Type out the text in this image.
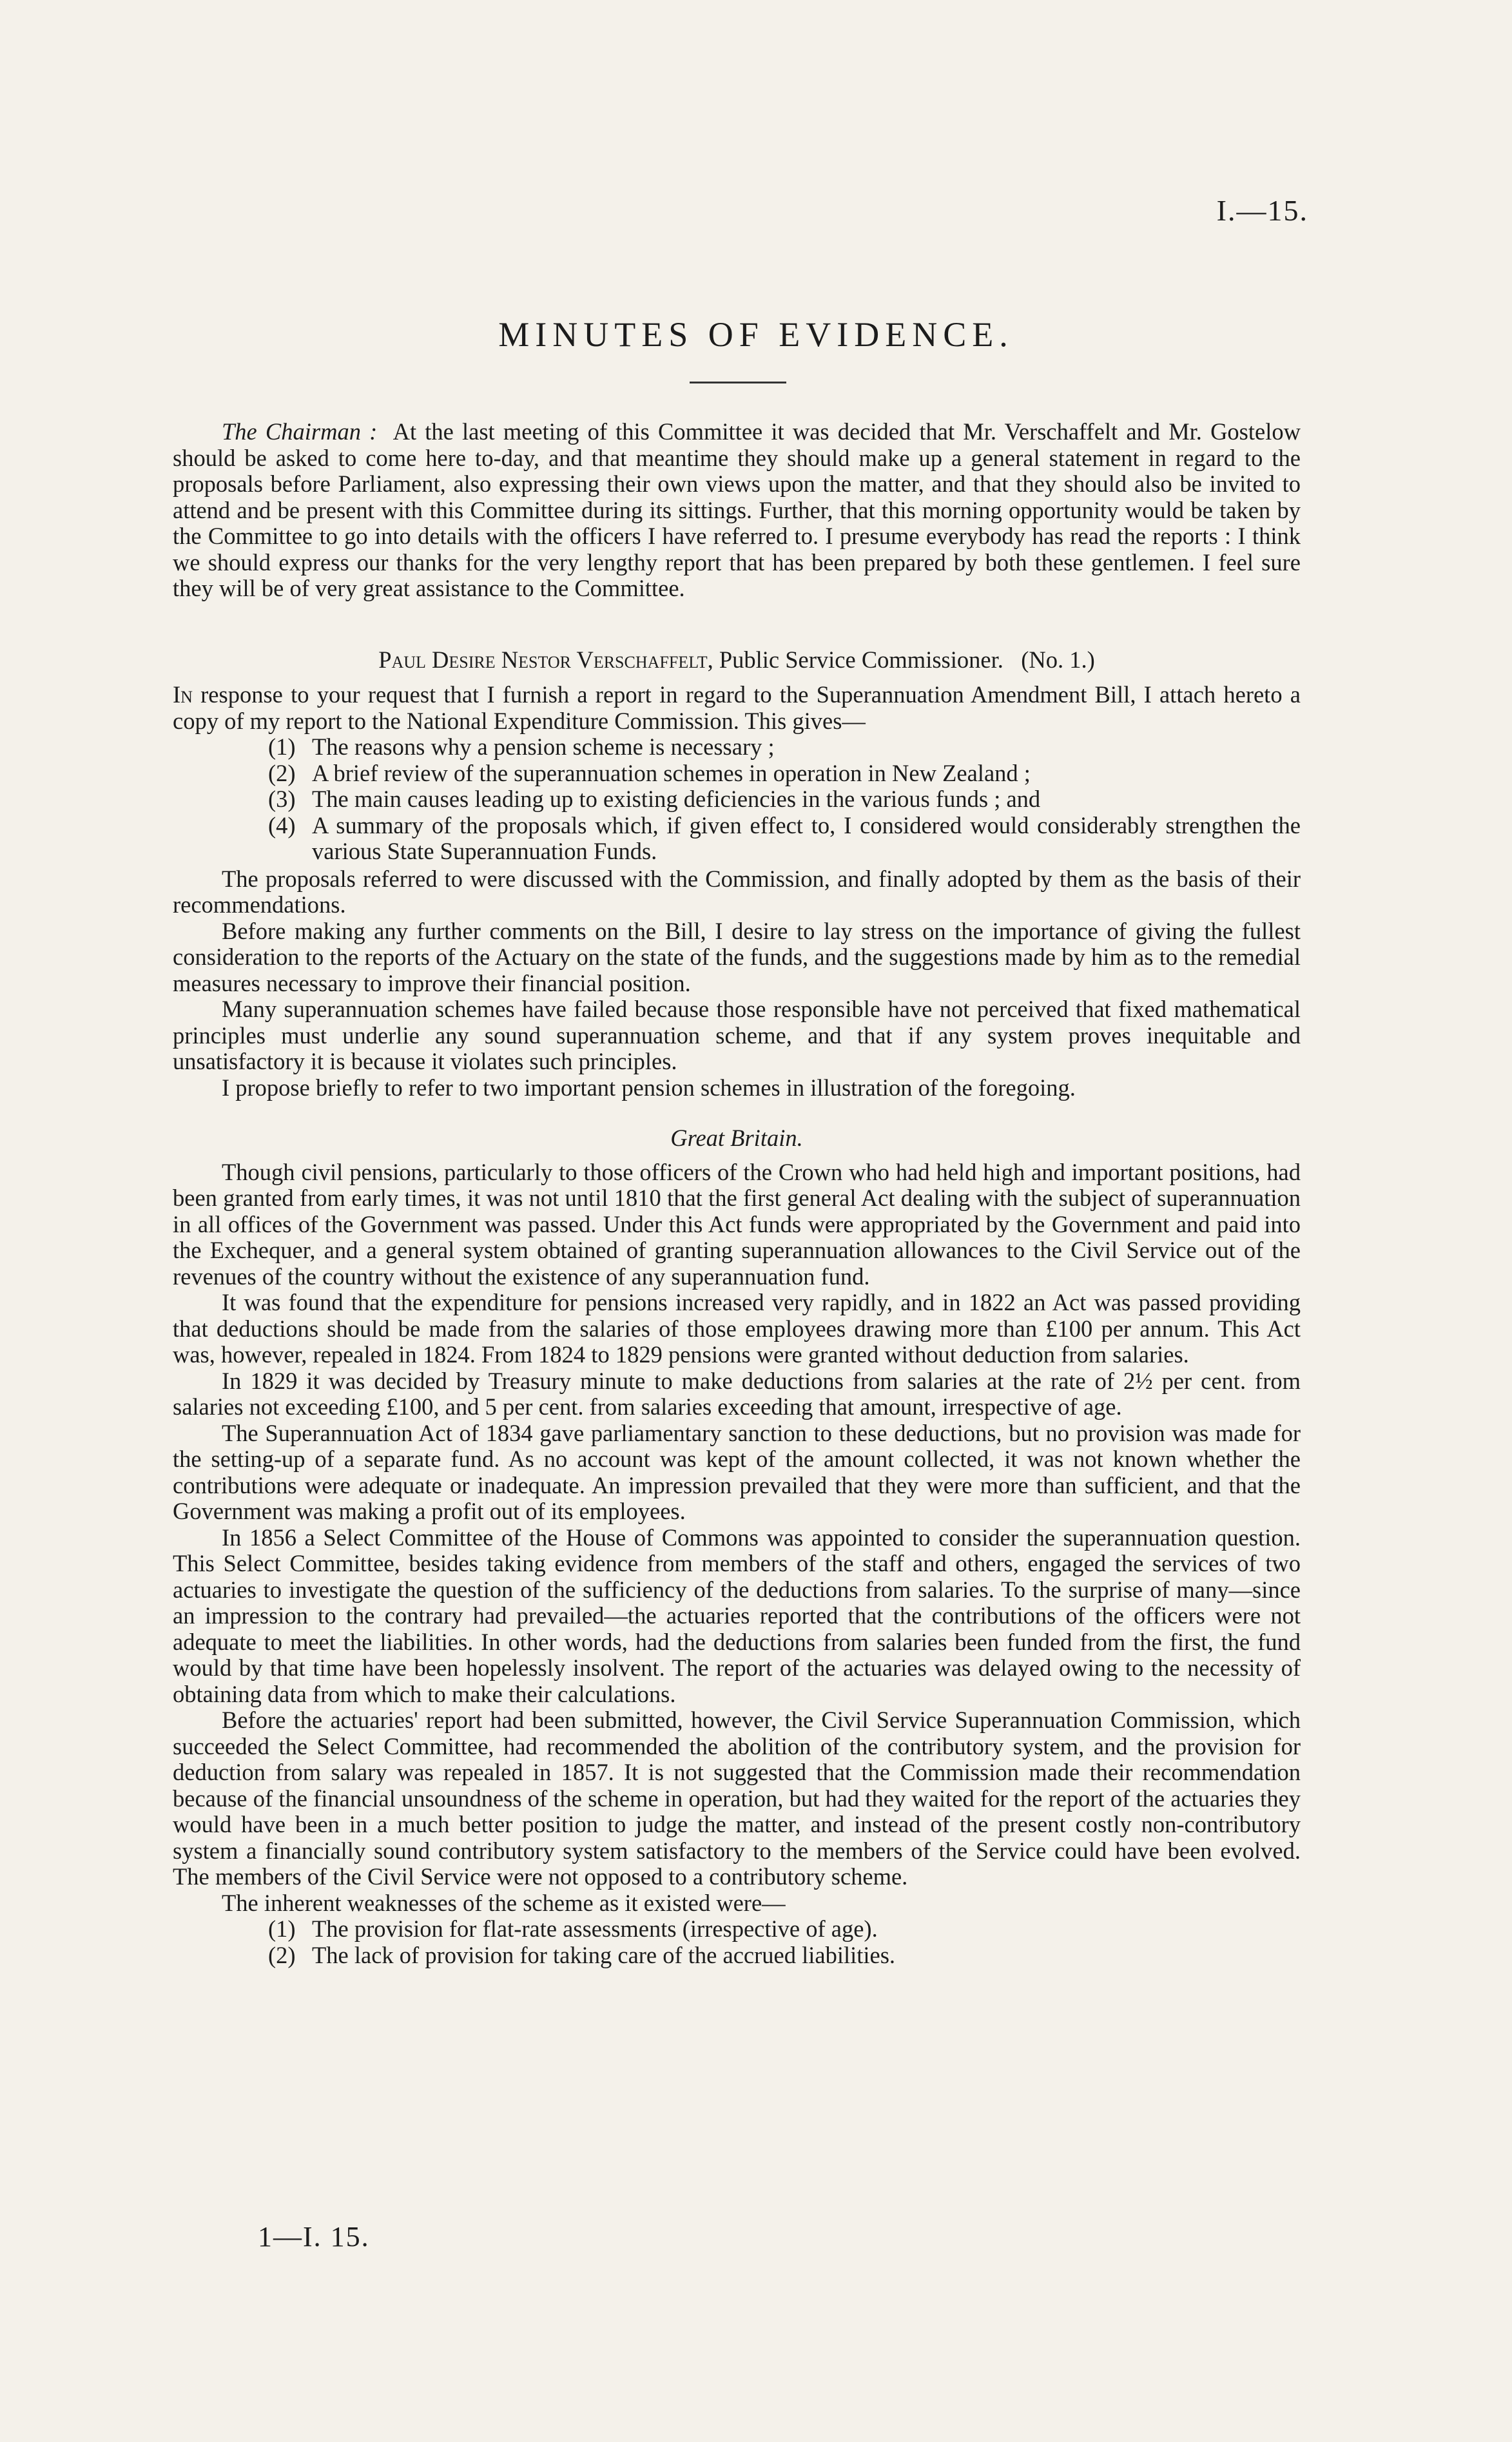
I.—15.
MINUTES OF EVIDENCE.

The Chairman : At the last meeting of this Committee it was decided that Mr. Verschaffelt and Mr. Gostelow should be asked to come here to-day, and that meantime they should make up a general statement in regard to the proposals before Parliament, also expressing their own views upon the matter, and that they should also be invited to attend and be present with this Committee during its sittings. Further, that this morning opportunity would be taken by the Committee to go into details with the officers I have referred to. I presume everybody has read the reports : I think we should express our thanks for the very lengthy report that has been prepared by both these gentlemen. I feel sure they will be of very great assistance to the Committee.

Paul Desire Nestor Verschaffelt, Public Service Commissioner. (No. 1.)

In response to your request that I furnish a report in regard to the Superannuation Amendment Bill, I attach hereto a copy of my report to the National Expenditure Commission. This gives—

(1) The reasons why a pension scheme is necessary ;
(2) A brief review of the superannuation schemes in operation in New Zealand ;
(3) The main causes leading up to existing deficiencies in the various funds ; and
(4) A summary of the proposals which, if given effect to, I considered would considerably strengthen the various State Superannuation Funds.

The proposals referred to were discussed with the Commission, and finally adopted by them as the basis of their recommendations.

Before making any further comments on the Bill, I desire to lay stress on the importance of giving the fullest consideration to the reports of the Actuary on the state of the funds, and the suggestions made by him as to the remedial measures necessary to improve their financial position.

Many superannuation schemes have failed because those responsible have not perceived that fixed mathematical principles must underlie any sound superannuation scheme, and that if any system proves inequitable and unsatisfactory it is because it violates such principles.

I propose briefly to refer to two important pension schemes in illustration of the foregoing.

Great Britain.

Though civil pensions, particularly to those officers of the Crown who had held high and important positions, had been granted from early times, it was not until 1810 that the first general Act dealing with the subject of superannuation in all offices of the Government was passed. Under this Act funds were appropriated by the Government and paid into the Exchequer, and a general system obtained of granting superannuation allowances to the Civil Service out of the revenues of the country without the existence of any superannuation fund.

It was found that the expenditure for pensions increased very rapidly, and in 1822 an Act was passed providing that deductions should be made from the salaries of those employees drawing more than £100 per annum. This Act was, however, repealed in 1824. From 1824 to 1829 pensions were granted without deduction from salaries.

In 1829 it was decided by Treasury minute to make deductions from salaries at the rate of 2½ per cent. from salaries not exceeding £100, and 5 per cent. from salaries exceeding that amount, irrespective of age.

The Superannuation Act of 1834 gave parliamentary sanction to these deductions, but no provision was made for the setting-up of a separate fund. As no account was kept of the amount collected, it was not known whether the contributions were adequate or inadequate. An impression prevailed that they were more than sufficient, and that the Government was making a profit out of its employees.

In 1856 a Select Committee of the House of Commons was appointed to consider the superannuation question. This Select Committee, besides taking evidence from members of the staff and others, engaged the services of two actuaries to investigate the question of the sufficiency of the deductions from salaries. To the surprise of many—since an impression to the contrary had prevailed—the actuaries reported that the contributions of the officers were not adequate to meet the liabilities. In other words, had the deductions from salaries been funded from the first, the fund would by that time have been hopelessly insolvent. The report of the actuaries was delayed owing to the necessity of obtaining data from which to make their calculations.

Before the actuaries' report had been submitted, however, the Civil Service Superannuation Commission, which succeeded the Select Committee, had recommended the abolition of the contributory system, and the provision for deduction from salary was repealed in 1857. It is not suggested that the Commission made their recommendation because of the financial unsoundness of the scheme in operation, but had they waited for the report of the actuaries they would have been in a much better position to judge the matter, and instead of the present costly non-contributory system a financially sound contributory system satisfactory to the members of the Service could have been evolved. The members of the Civil Service were not opposed to a contributory scheme.

The inherent weaknesses of the scheme as it existed were—

(1) The provision for flat-rate assessments (irrespective of age).
(2) The lack of provision for taking care of the accrued liabilities.
1—I. 15.
